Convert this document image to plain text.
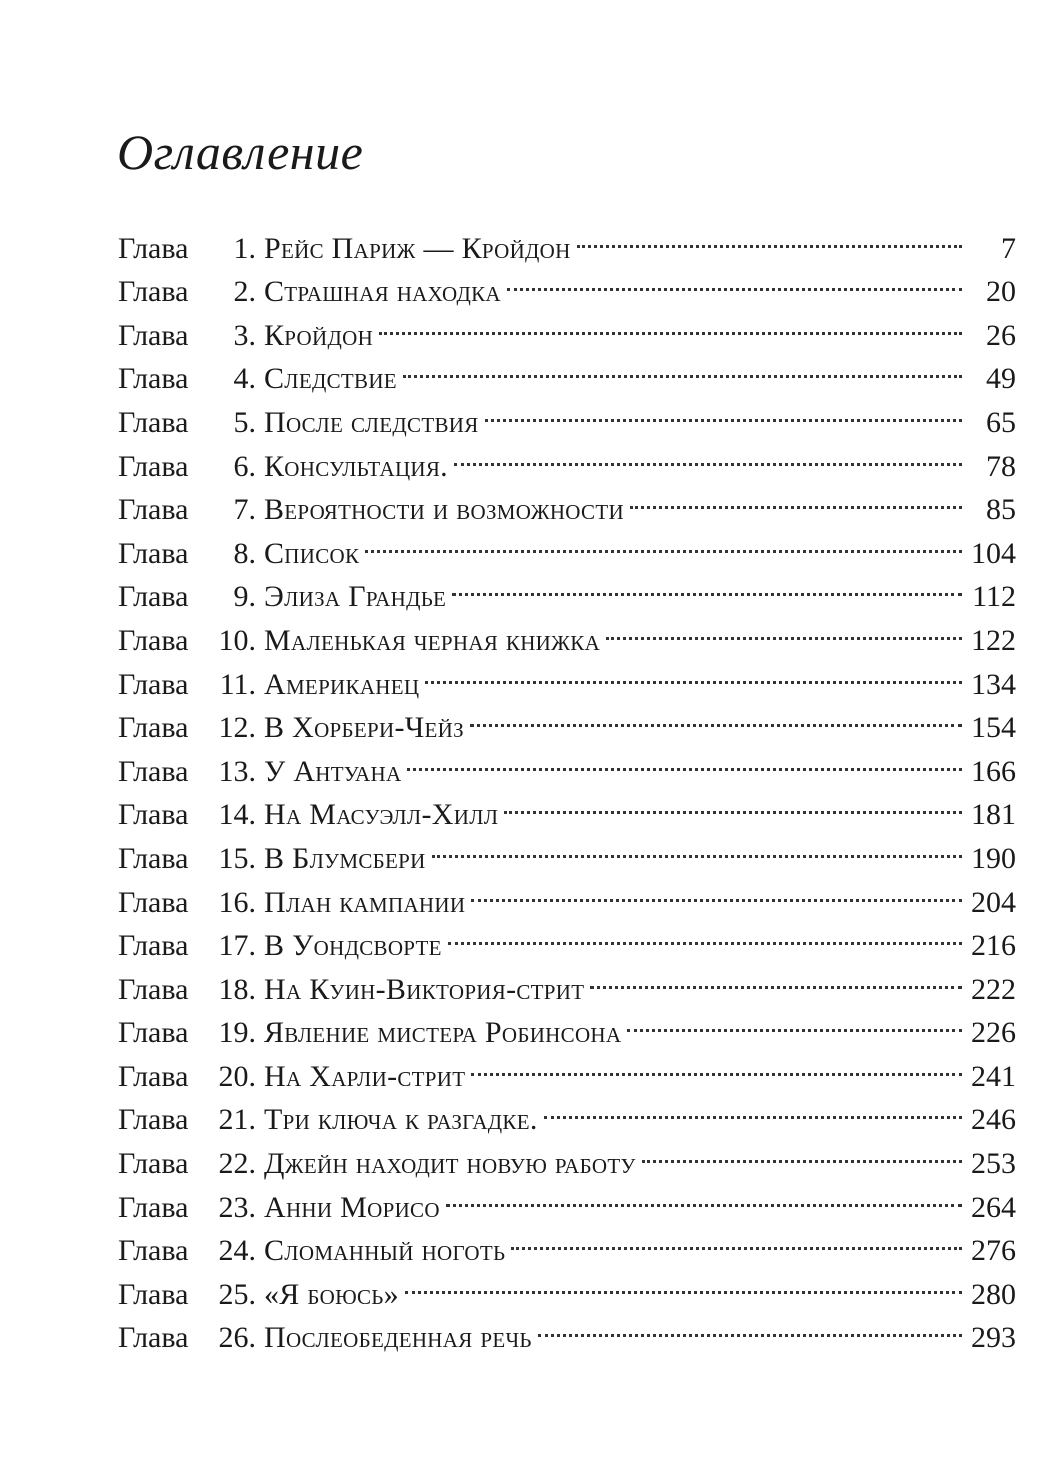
Оглавление
Глава	1. Рейс Париж — Кройдон	7
Глава	2. Страшная находка	20
Глава	3. Кройдон	26
Глава	4. Следствие	49
Глава	5. После следствия	65
Глава	6. Консультация.	78
Глава	7. Вероятности и возможности	85
Глава	8. Список	104
Глава	9. Элиза Грандье	112
Глава	10. Маленькая черная книжка	122
Глава	11. Американец	134
Глава	12. В Хорбери-Чейз	154
Глава	13. У Антуана	166
Глава	14. На Масуэлл-Хилл	181
Глава	15. В Блумсбери	190
Глава	16. План кампании	204
Глава	17. В Уондсворте	216
Глава	18. На Куин-Виктория-стрит	222
Глава	19. Явление мистера Робинсона	226
Глава	20. На Харли-стрит	241
Глава	21. Три ключа к разгадке.	246
Глава	22. Джейн находит новую работу	253
Глава	23. Анни Морисо	264
Глава	24. Сломанный ноготь	276
Глава	25. «Я боюсь»	280
Глава	26. Послеобеденная речь	293
